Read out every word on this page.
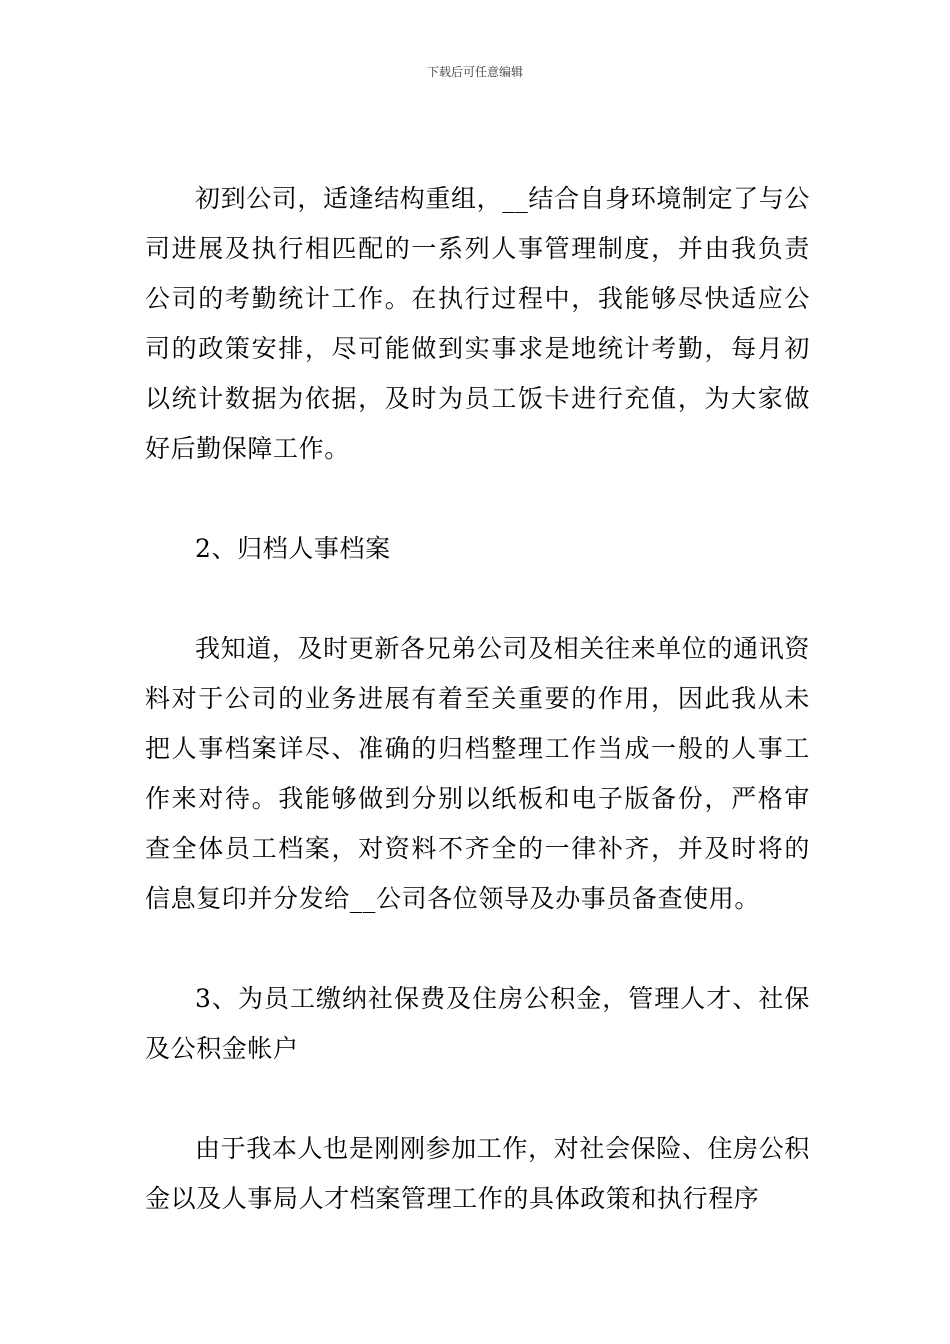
下载后可任意编辑

初到公司，适逢结构重组，__结合自身环境制定了与公司进展及执行相匹配的一系列人事管理制度，并由我负责公司的考勤统计工作。在执行过程中，我能够尽快适应公司的政策安排，尽可能做到实事求是地统计考勤，每月初以统计数据为依据，及时为员工饭卡进行充值，为大家做好后勤保障工作。

2、归档人事档案

我知道，及时更新各兄弟公司及相关往来单位的通讯资料对于公司的业务进展有着至关重要的作用，因此我从未把人事档案详尽、准确的归档整理工作当成一般的人事工作来对待。我能够做到分别以纸板和电子版备份，严格审查全体员工档案，对资料不齐全的一律补齐，并及时将的信息复印并分发给__公司各位领导及办事员备查使用。

3、为员工缴纳社保费及住房公积金，管理人才、社保及公积金帐户

由于我本人也是刚刚参加工作，对社会保险、住房公积金以及人事局人才档案管理工作的具体政策和执行程序
